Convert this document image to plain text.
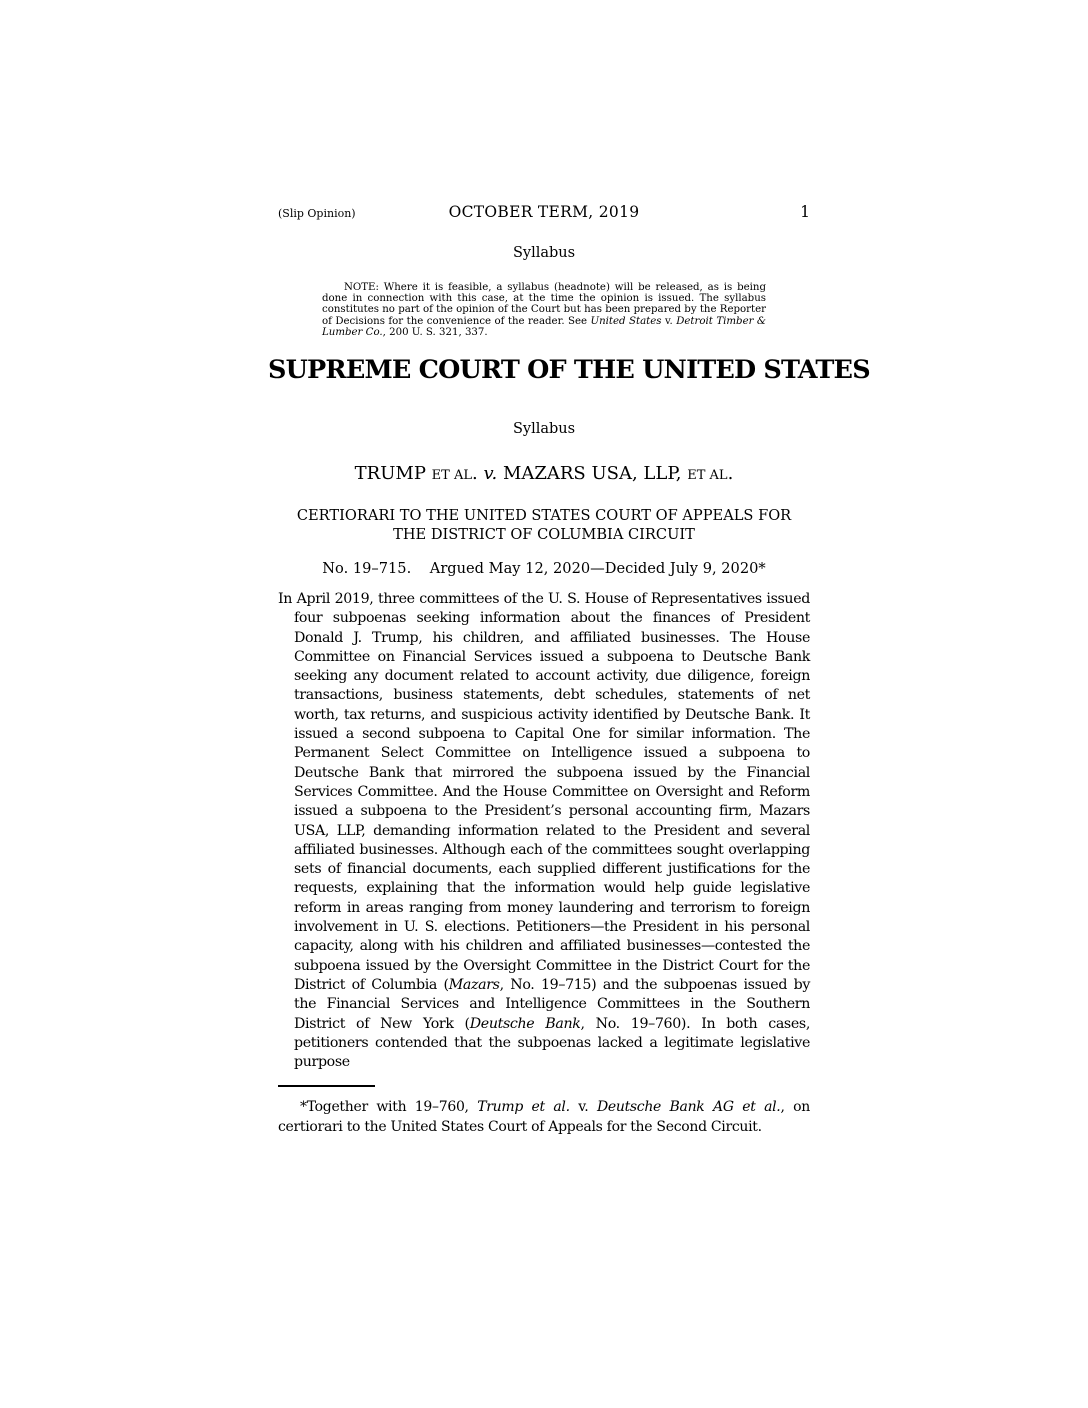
(Slip Opinion)	OCTOBER TERM, 2019	1
Syllabus

NOTE: Where it is feasible, a syllabus (headnote) will be released, as is being done in connection with this case, at the time the opinion is issued. The syllabus constitutes no part of the opinion of the Court but has been prepared by the Reporter of Decisions for the convenience of the reader. See United States v. Detroit Timber & Lumber Co., 200 U. S. 321, 337.

SUPREME COURT OF THE UNITED STATES
Syllabus
TRUMP ET AL. v. MAZARS USA, LLP, ET AL.
CERTIORARI TO THE UNITED STATES COURT OF APPEALS FOR THE DISTRICT OF COLUMBIA CIRCUIT
No. 19–715.    Argued May 12, 2020—Decided July 9, 2020*

In April 2019, three committees of the U. S. House of Representatives issued four subpoenas seeking information about the finances of President Donald J. Trump, his children, and affiliated businesses. The House Committee on Financial Services issued a subpoena to Deutsche Bank seeking any document related to account activity, due diligence, foreign transactions, business statements, debt schedules, statements of net worth, tax returns, and suspicious activity identified by Deutsche Bank. It issued a second subpoena to Capital One for similar information. The Permanent Select Committee on Intelligence issued a subpoena to Deutsche Bank that mirrored the subpoena issued by the Financial Services Committee. And the House Committee on Oversight and Reform issued a subpoena to the President’s personal accounting firm, Mazars USA, LLP, demanding information related to the President and several affiliated businesses. Although each of the committees sought overlapping sets of financial documents, each supplied different justifications for the requests, explaining that the information would help guide legislative reform in areas ranging from money laundering and terrorism to foreign involvement in U. S. elections. Petitioners—the President in his personal capacity, along with his children and affiliated businesses—contested the subpoena issued by the Oversight Committee in the District Court for the District of Columbia (Mazars, No. 19–715) and the subpoenas issued by the Financial Services and Intelligence Committees in the Southern District of New York (Deutsche Bank, No. 19–760). In both cases, petitioners contended that the subpoenas lacked a legitimate legislative purpose

*Together with 19–760, Trump et al. v. Deutsche Bank AG et al., on certiorari to the United States Court of Appeals for the Second Circuit.
